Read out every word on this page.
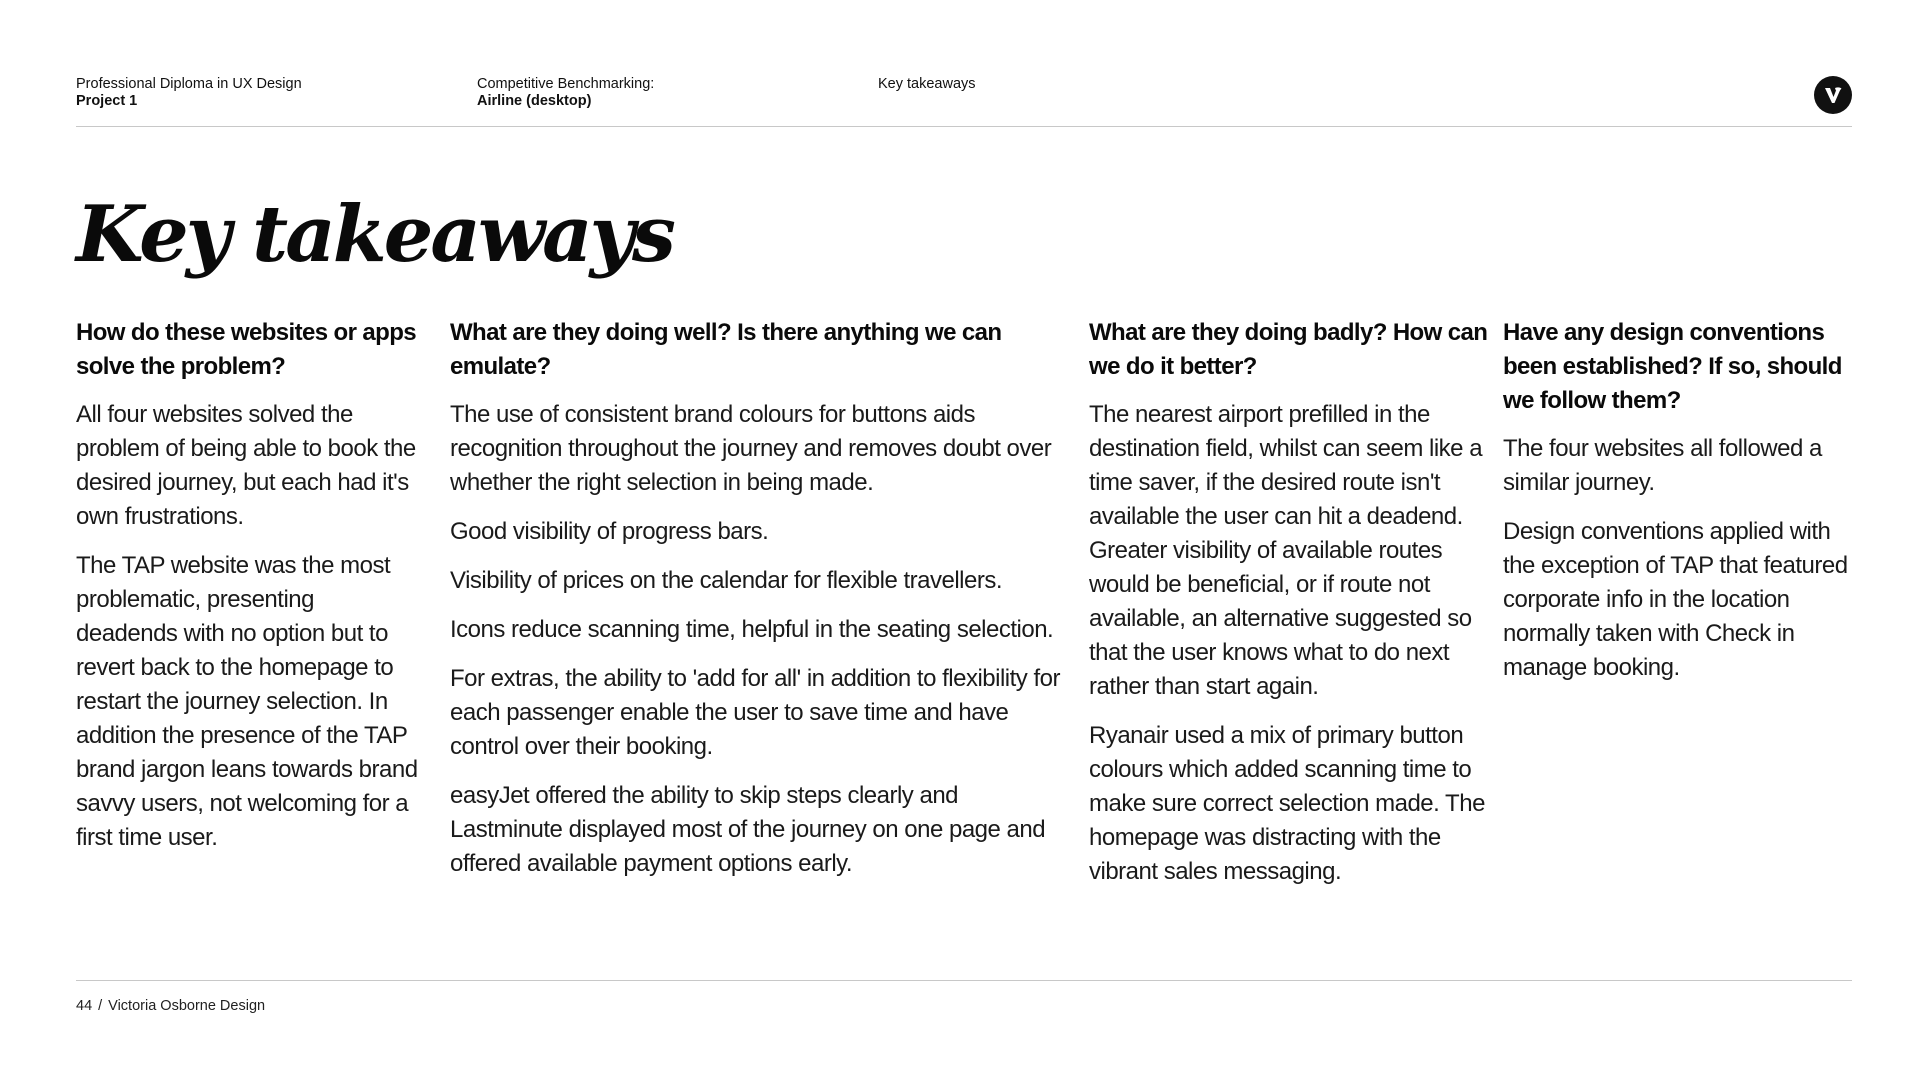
Professional Diploma in UX Design
Project 1
Competitive Benchmarking:
Airline (desktop)
Key takeaways
Key takeaways

How do these websites or apps solve the problem?

All four websites solved the problem of being able to book the desired journey, but each had it's own frustrations.

The TAP website was the most problematic, presenting deadends with no option but to revert back to the homepage to restart the journey selection. In addition the presence of the TAP brand jargon leans towards brand savvy users, not welcoming for a first time user.

What are they doing well? Is there anything we can emulate?

The use of consistent brand colours for buttons aids recognition throughout the journey and removes doubt over whether the right selection in being made.

Good visibility of progress bars.

Visibility of prices on the calendar for flexible travellers.

Icons reduce scanning time, helpful in the seating selection.

For extras, the ability to 'add for all' in addition to flexibility for each passenger enable the user to save time and have control over their booking.

easyJet offered the ability to skip steps clearly and Lastminute displayed most of the journey on one page and offered available payment options early.

What are they doing badly? How can we do it better?

The nearest airport prefilled in the destination field, whilst can seem like a time saver, if the desired route isn't available the user can hit a deadend. Greater visibility of available routes would be beneficial, or if route not available, an alternative suggested so that the user knows what to do next rather than start again.

Ryanair used a mix of primary button colours which added scanning time to make sure correct selection made. The homepage was distracting with the vibrant sales messaging.

Have any design conventions been established? If so, should we follow them?

The four websites all followed a similar journey.

Design conventions applied with the exception of TAP that featured corporate info in the location normally taken with Check in manage booking.

44 / Victoria Osborne Design
